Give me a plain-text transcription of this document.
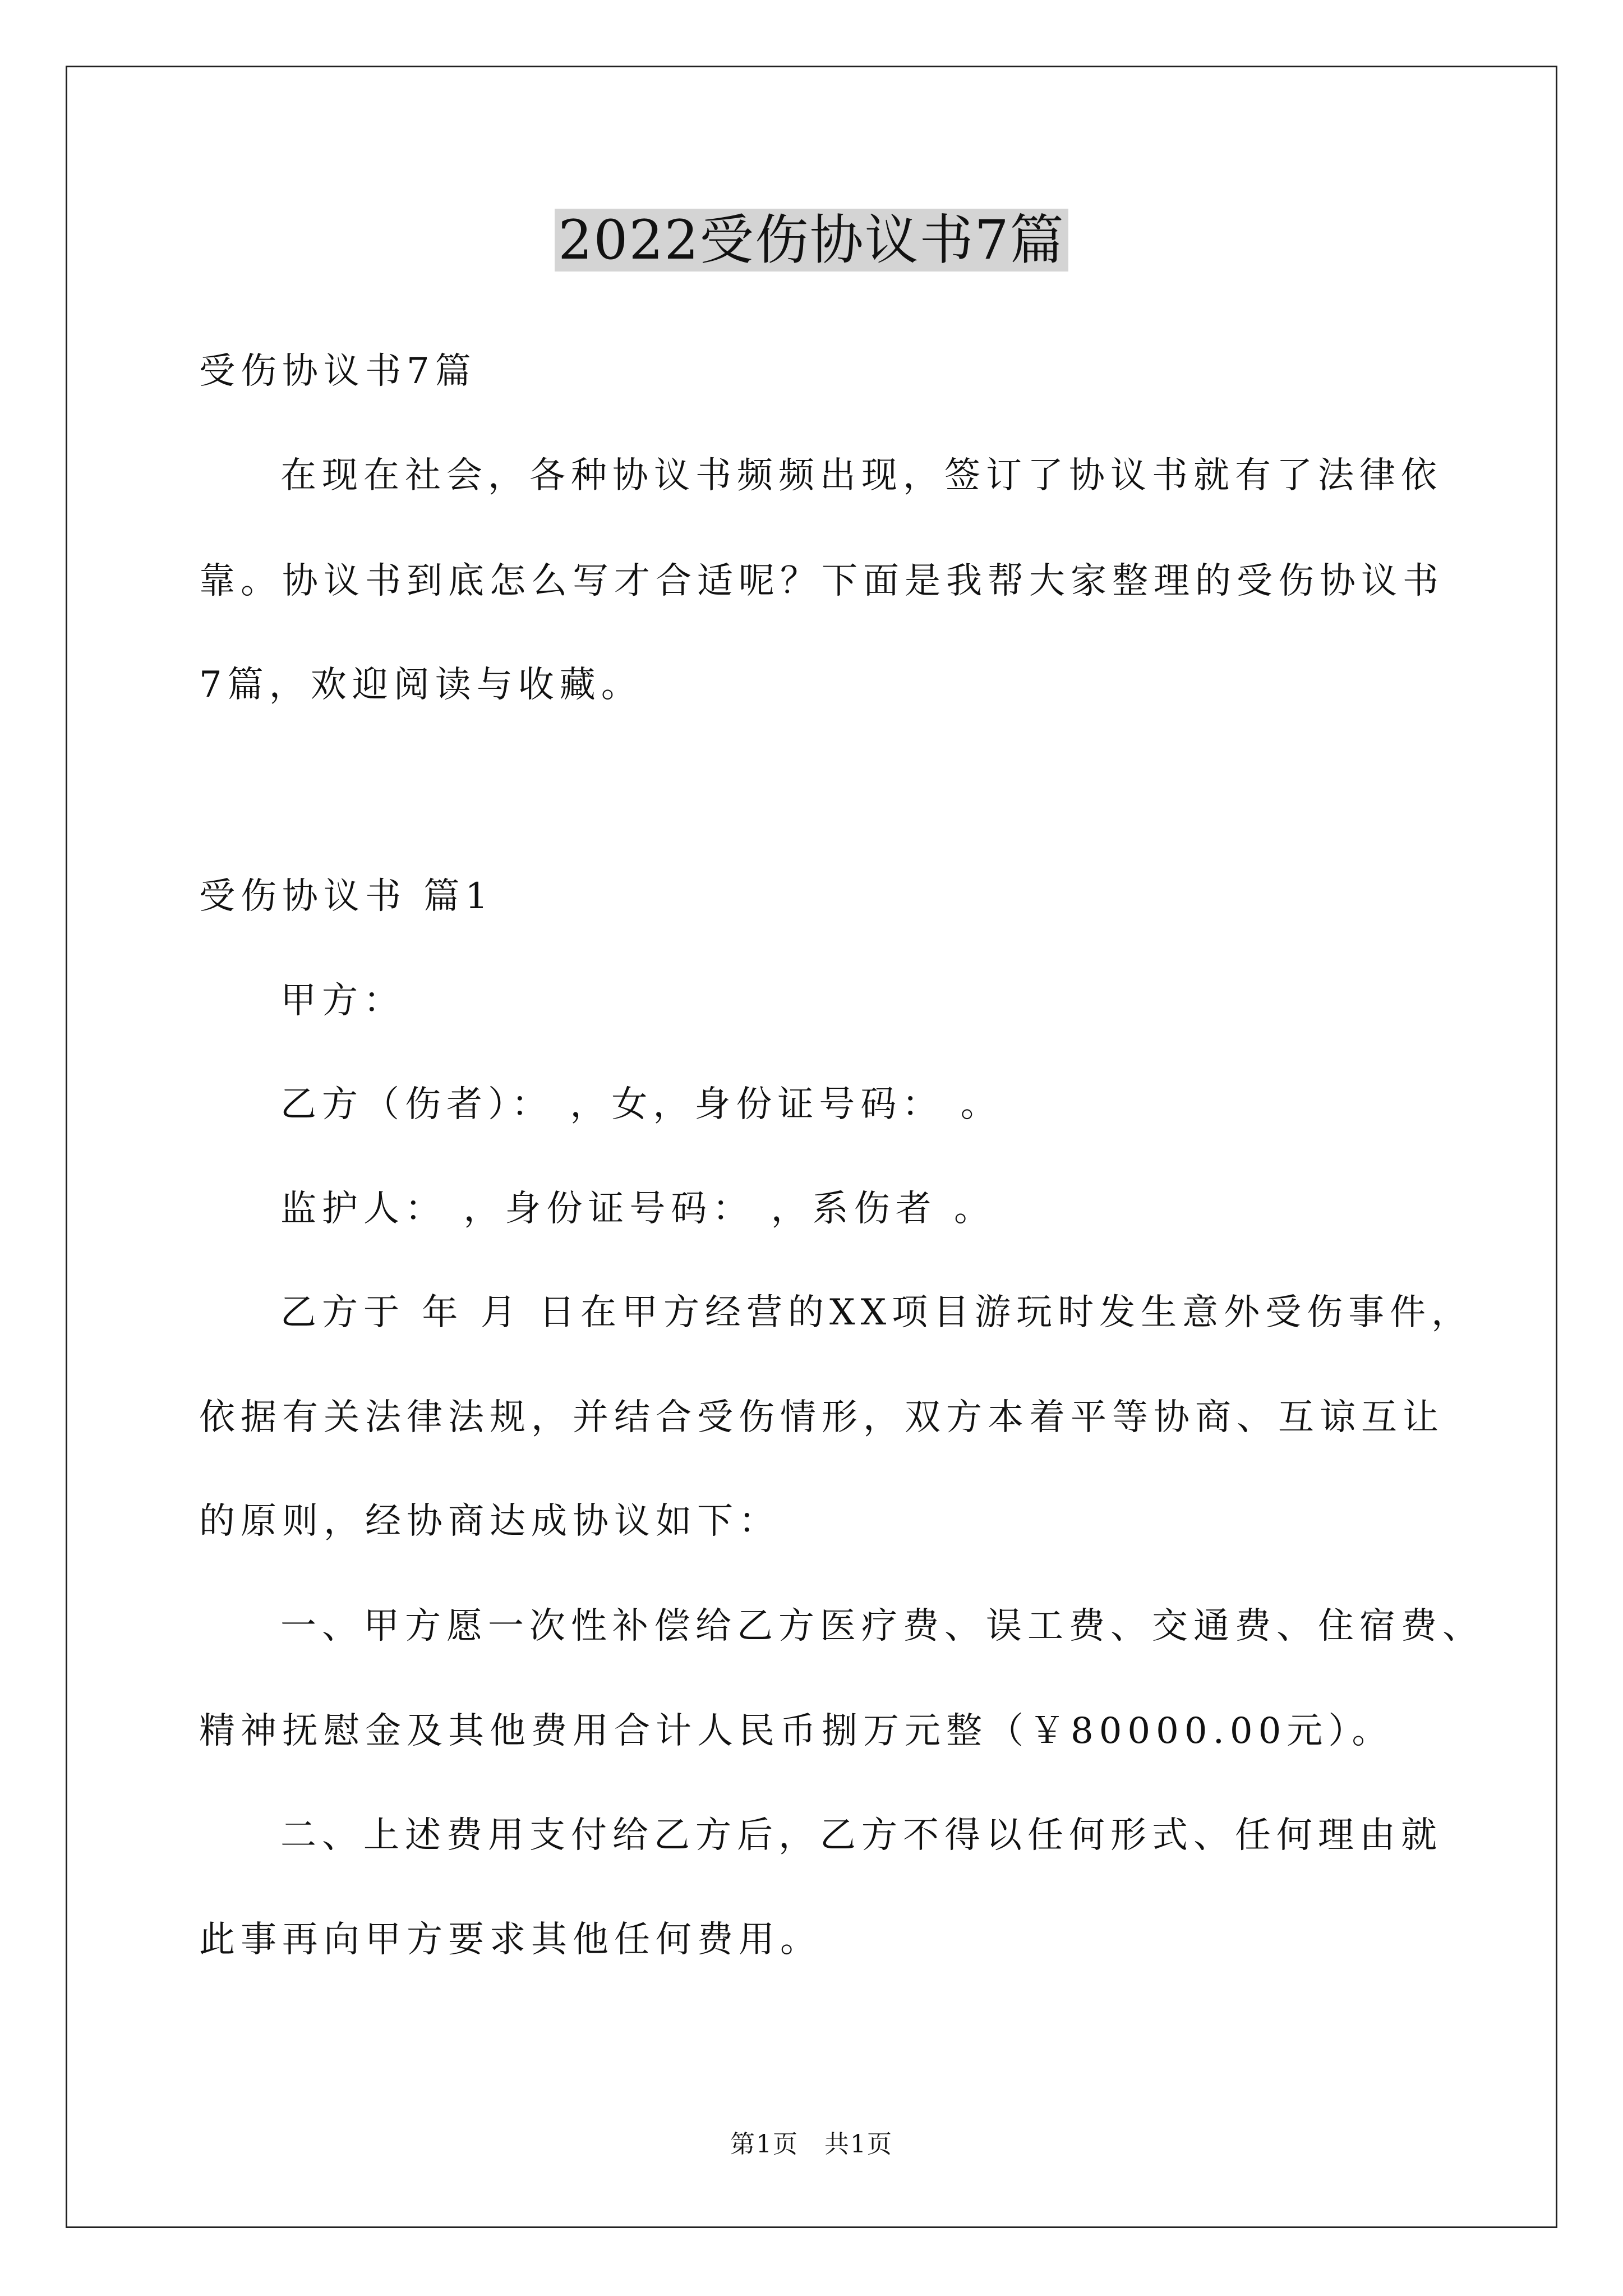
2022受伤协议书7篇
受伤协议书7篇
在现在社会，各种协议书频频出现，签订了协议书就有了法律依
靠。协议书到底怎么写才合适呢？下面是我帮大家整理的受伤协议书
7篇，欢迎阅读与收藏。
受伤协议书 篇1
甲方：
乙方（伤者）： ，女，身份证号码： 。
监护人： ，身份证号码： ，系伤者 。
乙方于 年 月 日在甲方经营的XX项目游玩时发生意外受伤事件，
依据有关法律法规，并结合受伤情形，双方本着平等协商、互谅互让
的原则，经协商达成协议如下：
一、甲方愿一次性补偿给乙方医疗费、误工费、交通费、住宿费、
精神抚慰金及其他费用合计人民币捌万元整（￥80000.00元）。
二、上述费用支付给乙方后，乙方不得以任何形式、任何理由就
此事再向甲方要求其他任何费用。
第1页　共1页
